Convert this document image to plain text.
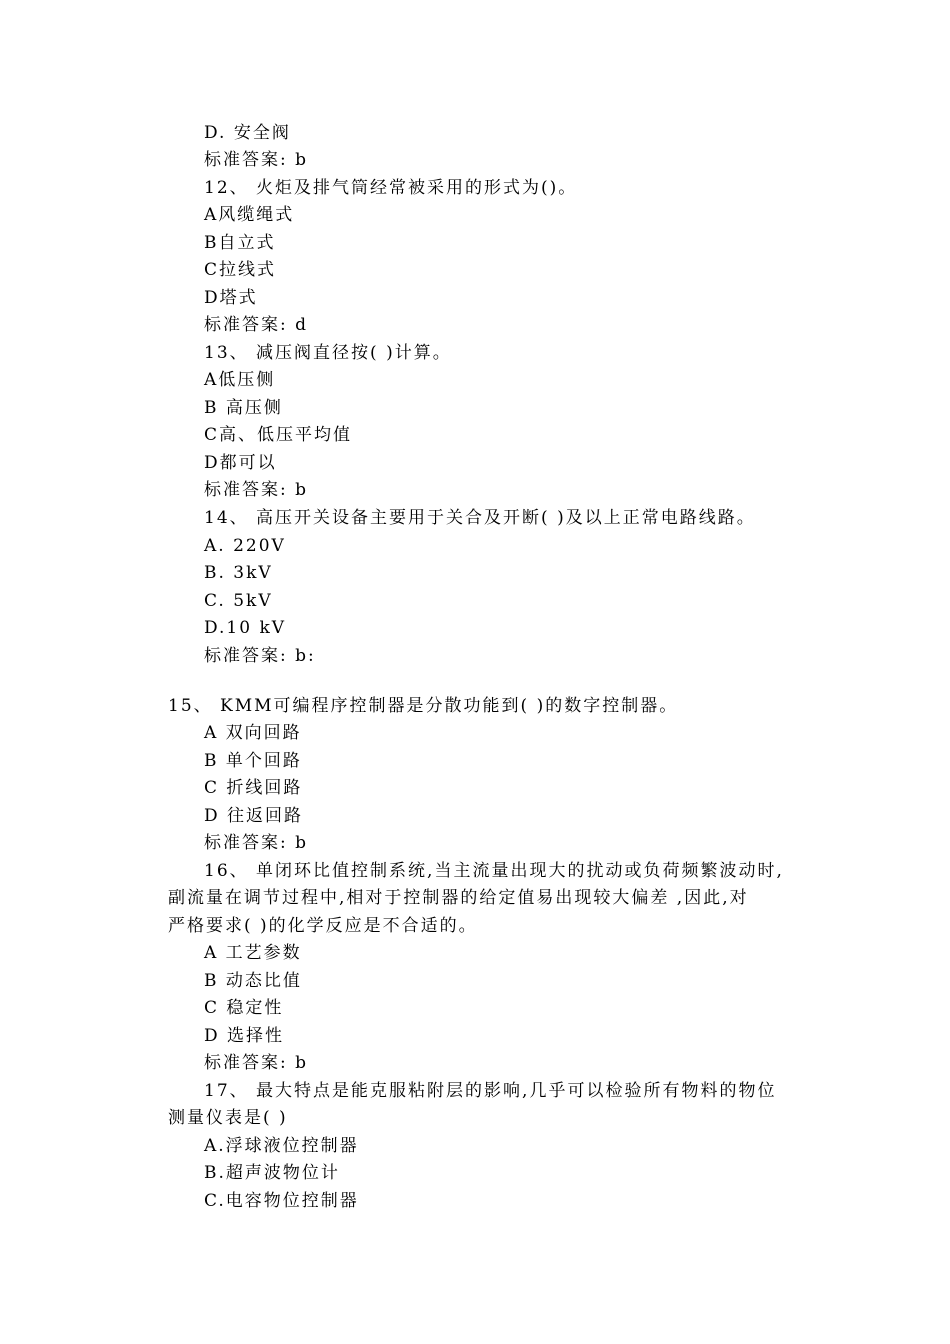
D. 安全阀
标准答案: b
12、 火炬及排气筒经常被采用的形式为()。
A风缆绳式
B自立式
C拉线式
D塔式
标准答案: d
13、 减压阀直径按( )计算。
A低压侧
B 高压侧
C高、低压平均值
D都可以
标准答案: b
14、 高压开关设备主要用于关合及开断( )及以上正常电路线路。
A. 220V
B. 3kV
C. 5kV
D.10 kV
标准答案: b:
15、 KMM可编程序控制器是分散功能到( )的数字控制器。
A 双向回路
B 单个回路
C 折线回路
D 往返回路
标准答案: b
16、 单闭环比值控制系统,当主流量出现大的扰动或负荷频繁波动时,
副流量在调节过程中,相对于控制器的给定值易出现较大偏差 ,因此,对
严格要求( )的化学反应是不合适的。
A 工艺参数
B 动态比值
C 稳定性
D 选择性
标准答案: b
17、 最大特点是能克服粘附层的影响,几乎可以检验所有物料的物位
测量仪表是( )
A.浮球液位控制器
B.超声波物位计
C.电容物位控制器
